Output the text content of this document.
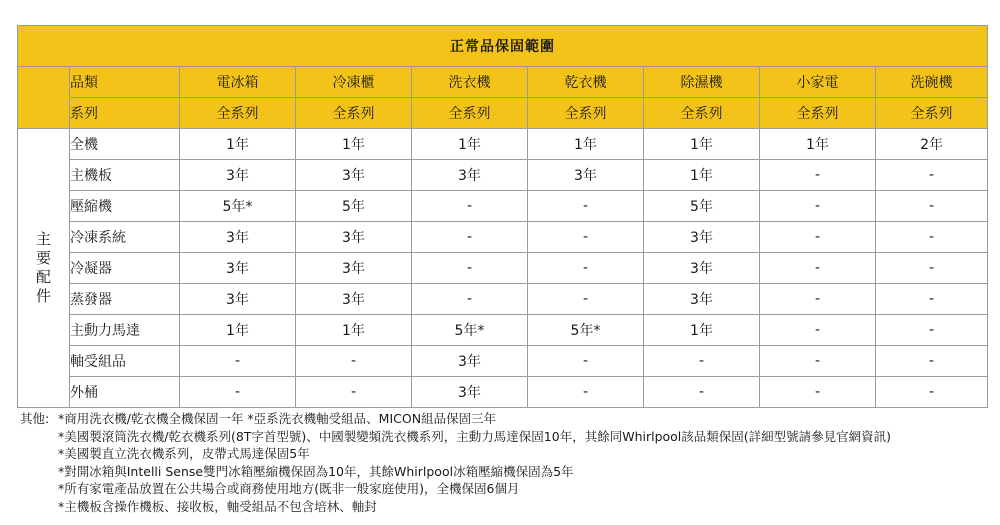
正常品保固範圍								
	品類	電冰箱	冷凍櫃	洗衣機	乾衣機	除濕機	小家電	洗碗機
	系列	全系列	全系列	全系列	全系列	全系列	全系列	全系列

主
要
配
件	全機	1年	1年	1年	1年	1年	1年	2年
	主機板	3年	3年	3年	3年	1年	-	-
	壓縮機	5年*	5年	-	-	5年	-	-
	冷凍系統	3年	3年	-	-	3年	-	-
	冷凝器	3年	3年	-	-	3年	-	-
	蒸發器	3年	3年	-	-	3年	-	-
	主動力馬達	1年	1年	5年*	5年*	1年	-	-
	軸受組品	-	-	3年	-	-	-	-
	外桶	-	-	3年	-	-	-	-
其他: *商用洗衣機/乾衣機全機保固一年 *亞系洗衣機軸受組品、MICON組品保固三年
*美國製滾筒洗衣機/乾衣機系列(8T字首型號)、中國製變頻洗衣機系列，主動力馬達保固10年，其餘同Whirlpool該品類保固(詳細型號請參見官網資訊)
*美國製直立洗衣機系列，皮帶式馬達保固5年
*對開冰箱與Intelli Sense雙門冰箱壓縮機保固為10年，其餘Whirlpool冰箱壓縮機保固為5年
*所有家電產品放置在公共場合或商務使用地方(既非一般家庭使用)，全機保固6個月
*主機板含操作機板、接收板，軸受組品不包含培林、軸封
